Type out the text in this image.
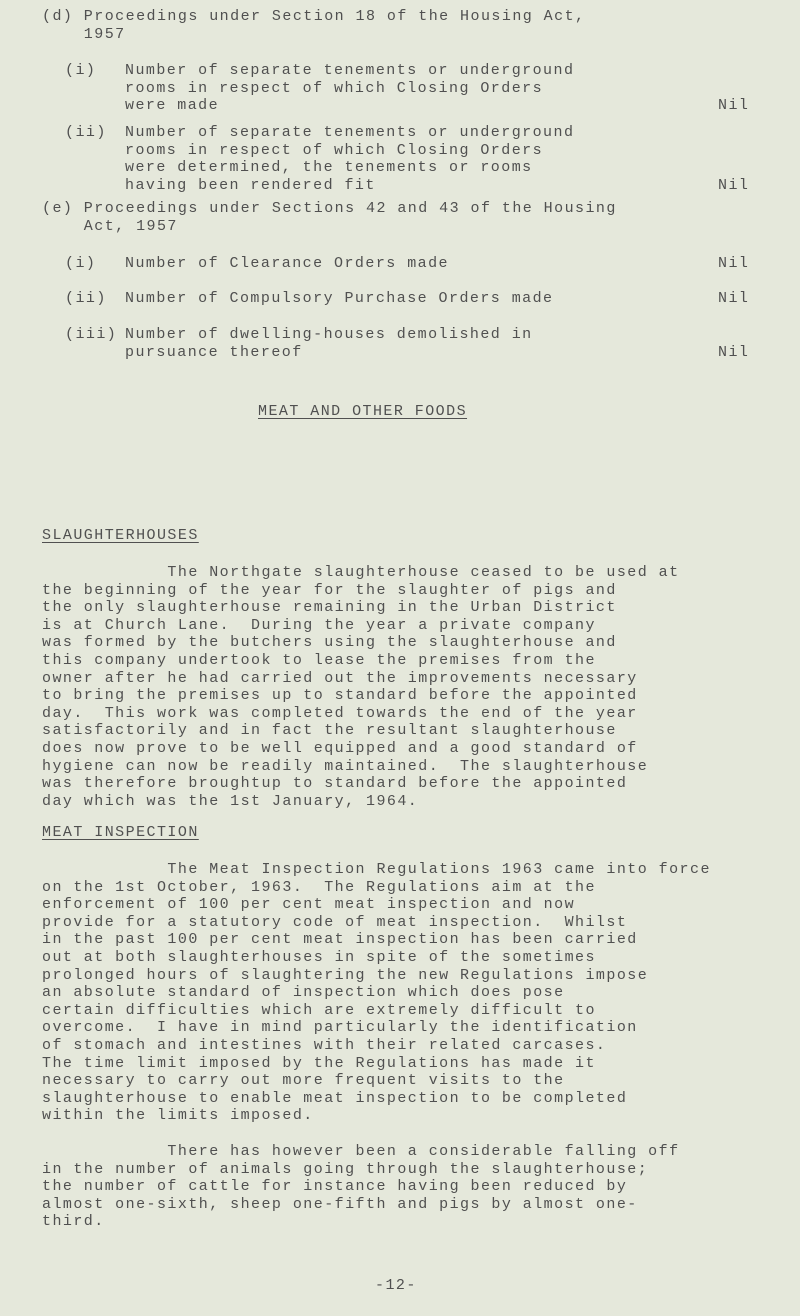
(d) Proceedings under Section 18 of the Housing Act,
1957
(i) Number of separate tenements or underground
rooms in respect of which Closing Orders
were made	Nil
(ii) Number of separate tenements or underground
rooms in respect of which Closing Orders
were determined, the tenements or rooms
having been rendered fit	Nil
(e) Proceedings under Sections 42 and 43 of the Housing
Act, 1957
(i) Number of Clearance Orders made	Nil
(ii) Number of Compulsory Purchase Orders made	Nil
(iii) Number of dwelling-houses demolished in
pursuance thereof	Nil
MEAT AND OTHER FOODS
SLAUGHTERHOUSES
The Northgate slaughterhouse ceased to be used at
the beginning of the year for the slaughter of pigs and
the only slaughterhouse remaining in the Urban District
is at Church Lane.  During the year a private company
was formed by the butchers using the slaughterhouse and
this company undertook to lease the premises from the
owner after he had carried out the improvements necessary
to bring the premises up to standard before the appointed
day.  This work was completed towards the end of the year
satisfactorily and in fact the resultant slaughterhouse
does now prove to be well equipped and a good standard of
hygiene can now be readily maintained.  The slaughterhouse
was therefore broughtup to standard before the appointed
day which was the 1st January, 1964.
MEAT INSPECTION
The Meat Inspection Regulations 1963 came into force
on the 1st October, 1963.  The Regulations aim at the
enforcement of 100 per cent meat inspection and now
provide for a statutory code of meat inspection.  Whilst
in the past 100 per cent meat inspection has been carried
out at both slaughterhouses in spite of the sometimes
prolonged hours of slaughtering the new Regulations impose
an absolute standard of inspection which does pose
certain difficulties which are extremely difficult to
overcome.  I have in mind particularly the identification
of stomach and intestines with their related carcases.
The time limit imposed by the Regulations has made it
necessary to carry out more frequent visits to the
slaughterhouse to enable meat inspection to be completed
within the limits imposed.
There has however been a considerable falling off
in the number of animals going through the slaughterhouse;
the number of cattle for instance having been reduced by
almost one-sixth, sheep one-fifth and pigs by almost one-
third.
-12-
